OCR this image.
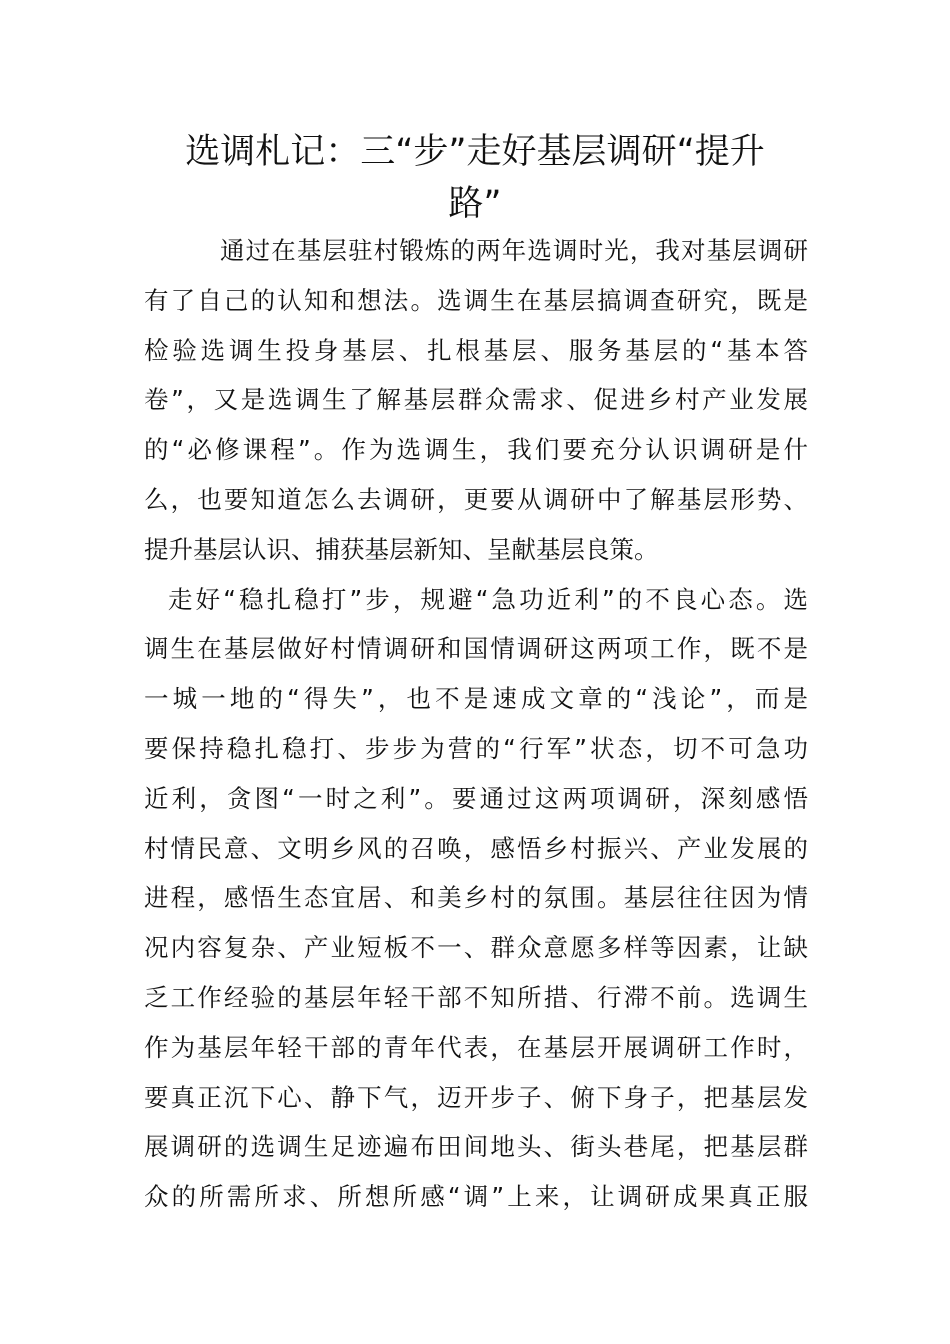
选调札记：三“步”走好基层调研“提升
路”
通过在基层驻村锻炼的两年选调时光，我对基层调研
有了自己的认知和想法。选调生在基层搞调查研究，既是
检验选调生投身基层、扎根基层、服务基层的“基本答
卷”，又是选调生了解基层群众需求、促进乡村产业发展
的“必修课程”。作为选调生，我们要充分认识调研是什
么，也要知道怎么去调研，更要从调研中了解基层形势、
提升基层认识、捕获基层新知、呈献基层良策。
走好“稳扎稳打”步，规避“急功近利”的不良心态。选
调生在基层做好村情调研和国情调研这两项工作，既不是
一城一地的“得失”，也不是速成文章的“浅论”，而是
要保持稳扎稳打、步步为营的“行军”状态，切不可急功
近利，贪图“一时之利”。要通过这两项调研，深刻感悟
村情民意、文明乡风的召唤，感悟乡村振兴、产业发展的
进程，感悟生态宜居、和美乡村的氛围。基层往往因为情
况内容复杂、产业短板不一、群众意愿多样等因素，让缺
乏工作经验的基层年轻干部不知所措、行滞不前。选调生
作为基层年轻干部的青年代表，在基层开展调研工作时，
要真正沉下心、静下气，迈开步子、俯下身子，把基层发
展调研的选调生足迹遍布田间地头、街头巷尾，把基层群
众的所需所求、所想所感“调”上来，让调研成果真正服
